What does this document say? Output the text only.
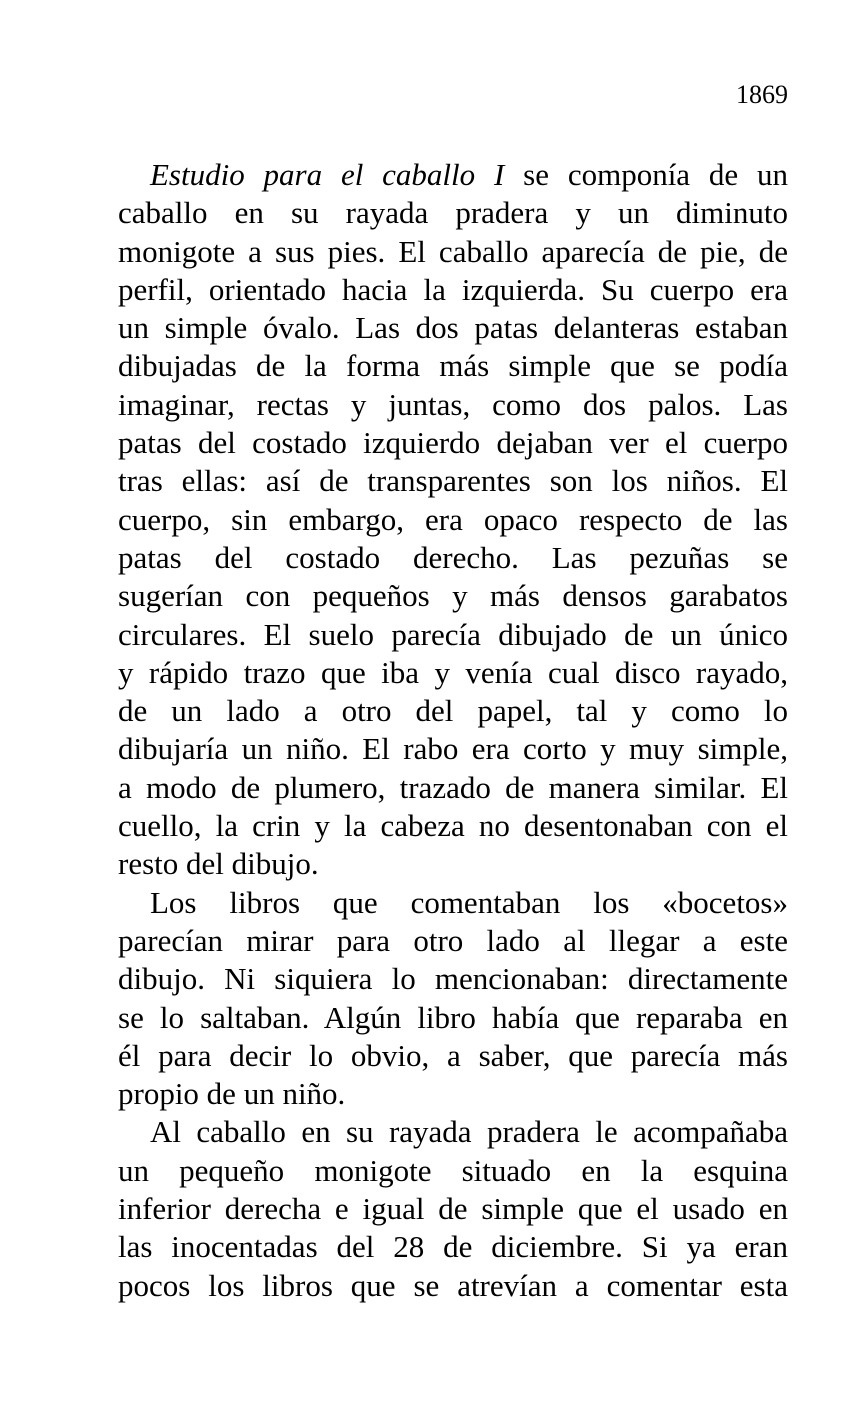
1869
Estudio para el caballo I se componía de un
caballo en su rayada pradera y un diminuto
monigote a sus pies. El caballo aparecía de pie, de
perfil, orientado hacia la izquierda. Su cuerpo era
un simple óvalo. Las dos patas delanteras estaban
dibujadas de la forma más simple que se podía
imaginar, rectas y juntas, como dos palos. Las
patas del costado izquierdo dejaban ver el cuerpo
tras ellas: así de transparentes son los niños. El
cuerpo, sin embargo, era opaco respecto de las
patas del costado derecho. Las pezuñas se
sugerían con pequeños y más densos garabatos
circulares. El suelo parecía dibujado de un único
y rápido trazo que iba y venía cual disco rayado,
de un lado a otro del papel, tal y como lo
dibujaría un niño. El rabo era corto y muy simple,
a modo de plumero, trazado de manera similar. El
cuello, la crin y la cabeza no desentonaban con el
resto del dibujo.
Los libros que comentaban los «bocetos»
parecían mirar para otro lado al llegar a este
dibujo. Ni siquiera lo mencionaban: directamente
se lo saltaban. Algún libro había que reparaba en
él para decir lo obvio, a saber, que parecía más
propio de un niño.
Al caballo en su rayada pradera le acompañaba
un pequeño monigote situado en la esquina
inferior derecha e igual de simple que el usado en
las inocentadas del 28 de diciembre. Si ya eran
pocos los libros que se atrevían a comentar esta
